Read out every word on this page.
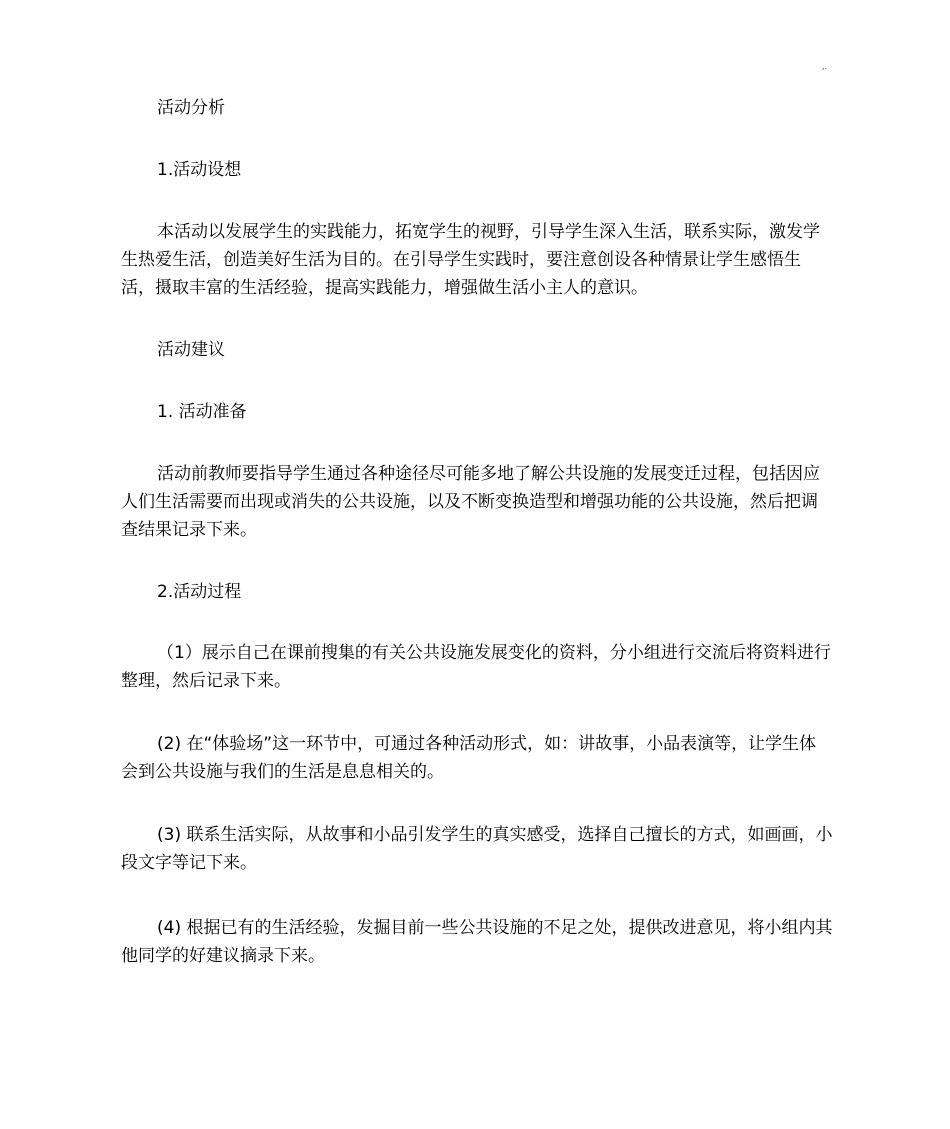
,.

活动分析

1.活动设想

本活动以发展学生的实践能力，拓宽学生的视野，引导学生深入生活，联系实际，激发学生热爱生活，创造美好生活为目的。在引导学生实践时，要注意创设各种情景让学生感悟生活，摄取丰富的生活经验，提高实践能力，增强做生活小主人的意识。

活动建议

1. 活动准备

活动前教师要指导学生通过各种途径尽可能多地了解公共设施的发展变迁过程，包括因应人们生活需要而出现或消失的公共设施，以及不断变换造型和增强功能的公共设施，然后把调查结果记录下来。

2.活动过程

（1）展示自己在课前搜集的有关公共设施发展变化的资料，分小组进行交流后将资料进行整理，然后记录下来。

(2) 在“体验场”这一环节中，可通过各种活动形式，如：讲故事，小品表演等，让学生体会到公共设施与我们的生活是息息相关的。

(3) 联系生活实际，从故事和小品引发学生的真实感受，选择自己擅长的方式，如画画，小段文字等记下来。

(4) 根据已有的生活经验，发掘目前一些公共设施的不足之处，提供改进意见，将小组内其他同学的好建议摘录下来。
